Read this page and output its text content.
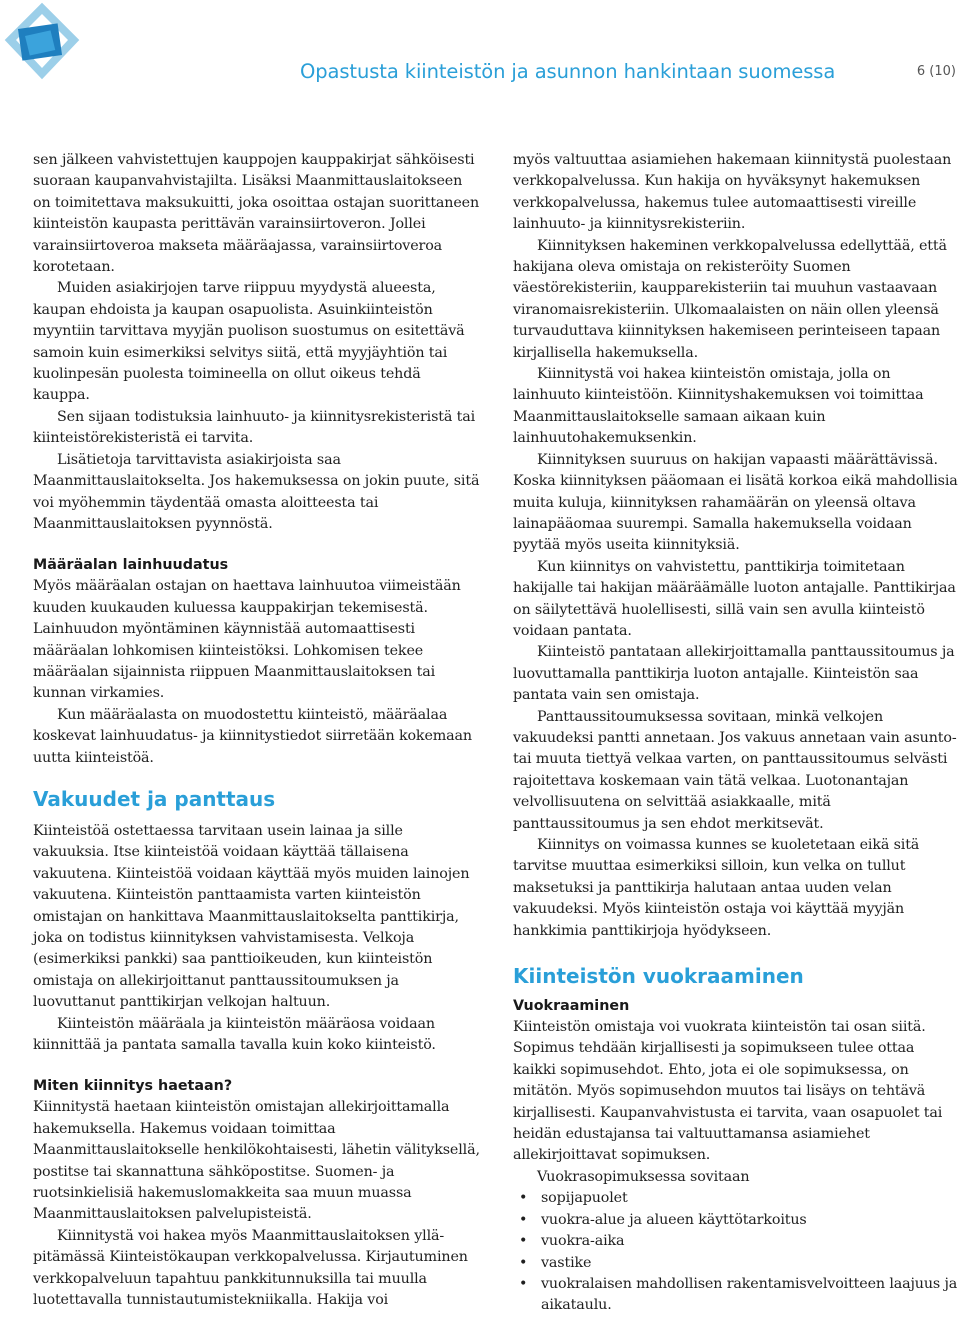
Opastusta kiinteistön ja asunnon hankintaan suomessa	6 (10)

sen jälkeen vahvistettujen kauppojen kauppakirjat sähköisesti suoraan kaupanvahvistajilta. Lisäksi Maanmittauslaitokseen on toimitettava maksukuitti, joka osoittaa ostajan suorittaneen kiinteistön kaupasta perittävän varainsiirtoveron. Jollei varainsiirtoveroa makseta määräajassa, varainsiirtoveroa korotetaan.

Muiden asiakirjojen tarve riippuu myydystä alueesta, kaupan ehdoista ja kaupan osapuolista. Asuinkiinteistön myyntiin tarvittava myyjän puolison suostumus on esitettävä samoin kuin esimerkiksi selvitys siitä, että myyjäyhtiön tai kuolinpesän puolesta toimineella on ollut oikeus tehdä kauppa.

Sen sijaan todistuksia lainhuuto- ja kiinnitysrekisteristä tai kiinteistörekisteristä ei tarvita.

Lisätietoja tarvittavista asiakirjoista saa Maanmittauslaitokselta. Jos hakemuksessa on jokin puute, sitä voi myöhemmin täydentää omasta aloitteesta tai Maanmittauslaitoksen pyynnöstä.

Määräalan lainhuudatus

Myös määräalan ostajan on haettava lainhuutoa viimeistään kuuden kuukauden kuluessa kauppakirjan tekemisestä. Lainhuudon myöntäminen käynnistää automaattisesti määräalan lohkomisen kiinteistöksi. Lohkomisen tekee määräalan sijainnista riippuen Maanmittauslaitoksen tai kunnan virkamies.

Kun määräalasta on muodostettu kiinteistö, määräalaa koskevat lainhuudatus- ja kiinnitystiedot siirretään kokemaan uutta kiinteistöä.

Vakuudet ja panttaus

Kiinteistöä ostettaessa tarvitaan usein lainaa ja sille vakuuksia. Itse kiinteistöä voidaan käyttää tällaisena vakuutena. Kiinteistöä voidaan käyttää myös muiden lainojen vakuutena. Kiinteistön panttaamista varten kiinteistön omistajan on hankittava Maanmittauslaitokselta panttikirja, joka on todistus kiinnityksen vahvistamisesta. Velkoja (esimerkiksi pankki) saa panttioikeuden, kun kiinteistön omistaja on allekirjoittanut panttaussitoumuksen ja luovuttanut panttikirjan velkojan haltuun.

Kiinteistön määräala ja kiinteistön määräosa voidaan kiinnittää ja pantata samalla tavalla kuin koko kiinteistö.

Miten kiinnitys haetaan?

Kiinnitystä haetaan kiinteistön omistajan allekirjoittamalla hakemuksella. Hakemus voidaan toimittaa Maanmittauslaitokselle henkilökohtaisesti, lähetin välityksellä, postitse tai skannattuna sähköpostitse. Suomen- ja ruotsinkielisiä hakemuslomakkeita saa muun muassa Maanmittauslaitoksen palvelupisteistä.

Kiinnitystä voi hakea myös Maanmittauslaitoksen ylläpitämässä Kiinteistökaupan verkkopalvelussa. Kirjautuminen verkkopalveluun tapahtuu pankkitunnuksilla tai muulla luotettavalla tunnistautumistekniikalla. Hakija voi

myös valtuuttaa asiamiehen hakemaan kiinnitystä puolestaan verkkopalvelussa. Kun hakija on hyväksynyt hakemuksen verkkopalvelussa, hakemus tulee automaattisesti vireille lainhuuto- ja kiinnitysrekisteriin.

Kiinnityksen hakeminen verkkopalvelussa edellyttää, että hakijana oleva omistaja on rekisteröity Suomen väestörekisteriin, kaupparekisteriin tai muuhun vastaavaan viranomaisrekisteriin. Ulkomaalaisten on näin ollen yleensä turvauduttava kiinnityksen hakemiseen perinteiseen tapaan kirjallisella hakemuksella.

Kiinnitystä voi hakea kiinteistön omistaja, jolla on lainhuuto kiinteistöön. Kiinnityshakemuksen voi toimittaa Maanmittauslaitokselle samaan aikaan kuin lainhuutohakemuksenkin.

Kiinnityksen suuruus on hakijan vapaasti määrättävissä. Koska kiinnityksen pääomaan ei lisätä korkoa eikä mahdollisia muita kuluja, kiinnityksen rahamäärän on yleensä oltava lainapääomaa suurempi. Samalla hakemuksella voidaan pyytää myös useita kiinnityksiä.

Kun kiinnitys on vahvistettu, panttikirja toimitetaan hakijalle tai hakijan määräämälle luoton antajalle. Panttikirjaa on säilytettävä huolellisesti, sillä vain sen avulla kiinteistö voidaan pantata.

Kiinteistö pantataan allekirjoittamalla panttaussitoumus ja luovuttamalla panttikirja luoton antajalle. Kiinteistön saa pantata vain sen omistaja.

Panttaussitoumuksessa sovitaan, minkä velkojen vakuudeksi pantti annetaan. Jos vakuus annetaan vain asunto- tai muuta tiettyä velkaa varten, on panttaussitoumus selvästi rajoitettava koskemaan vain tätä velkaa. Luotonantajan velvollisuutena on selvittää asiakkaalle, mitä panttaussitoumus ja sen ehdot merkitsevät.

Kiinnitys on voimassa kunnes se kuoletetaan eikä sitä tarvitse muuttaa esimerkiksi silloin, kun velka on tullut maksetuksi ja panttikirja halutaan antaa uuden velan vakuudeksi. Myös kiinteistön ostaja voi käyttää myyjän hankkimia panttikirjoja hyödykseen.

Kiinteistön vuokraaminen

Vuokraaminen

Kiinteistön omistaja voi vuokrata kiinteistön tai osan siitä. Sopimus tehdään kirjallisesti ja sopimukseen tulee ottaa kaikki sopimusehdot. Ehto, jota ei ole sopimuksessa, on mitätön. Myös sopimusehdon muutos tai lisäys on tehtävä kirjallisesti. Kaupanvahvistusta ei tarvita, vaan osapuolet tai heidän edustajansa tai valtuuttamansa asiamiehet allekirjoittavat sopimuksen.

Vuokrasopimuksessa sovitaan

• sopijapuolet
• vuokra-alue ja alueen käyttötarkoitus
• vuokra-aika
• vastike
• vuokralaisen mahdollisen rakentamisvelvoitteen laajuus ja aikataulu.
